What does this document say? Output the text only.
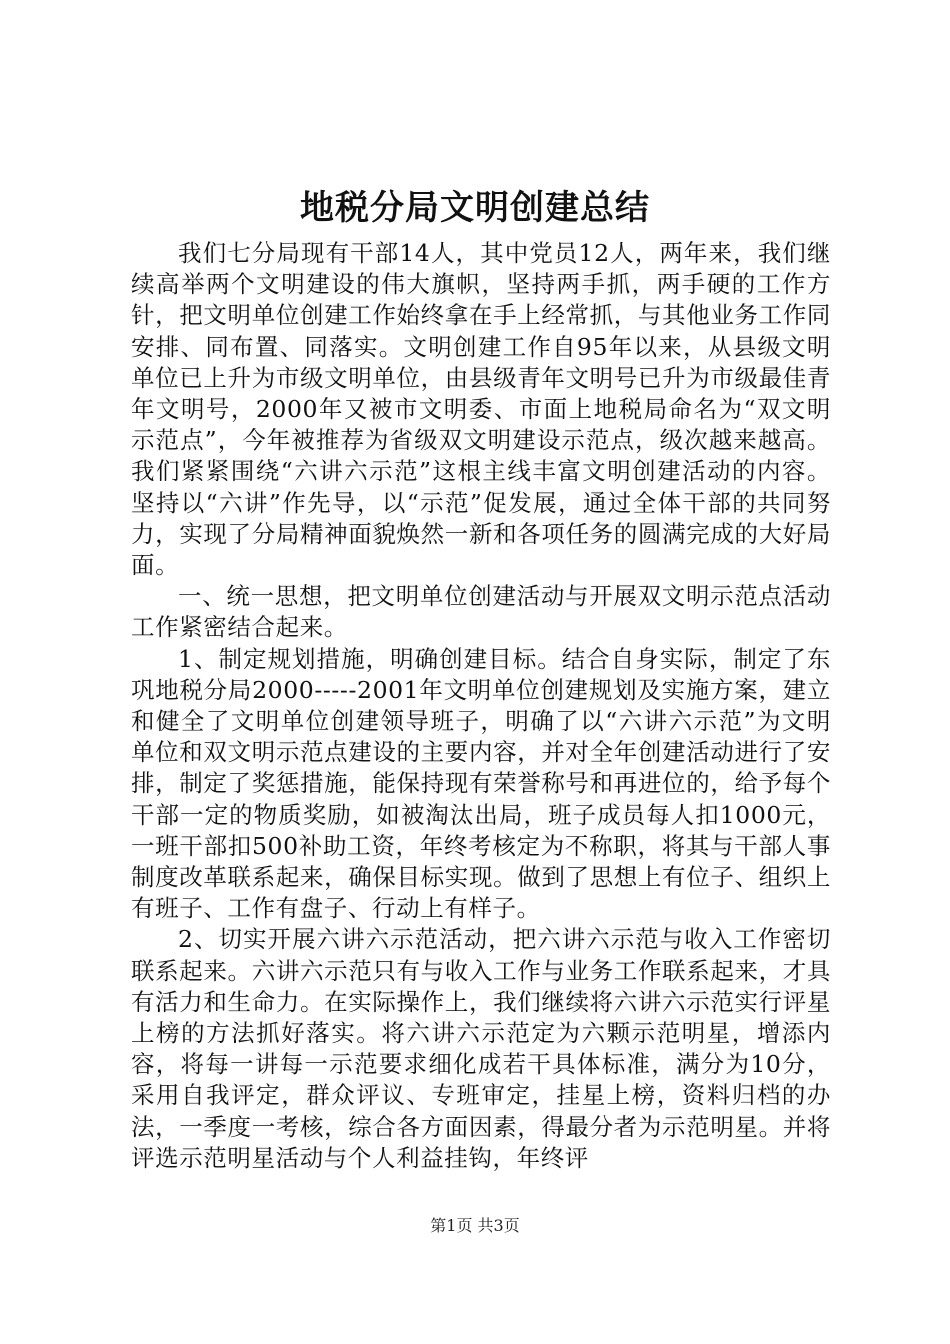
地税分局文明创建总结

我们七分局现有干部14人，其中党员12人，两年来，我们继续高举两个文明建设的伟大旗帜，坚持两手抓，两手硬的工作方针，把文明单位创建工作始终拿在手上经常抓，与其他业务工作同安排、同布置、同落实。文明创建工作自95年以来，从县级文明单位已上升为市级文明单位，由县级青年文明号已升为市级最佳青年文明号，2000年又被市文明委、市面上地税局命名为“双文明示范点”，今年被推荐为省级双文明建设示范点，级次越来越高。我们紧紧围绕“六讲六示范”这根主线丰富文明创建活动的内容。坚持以“六讲”作先导，以“示范”促发展，通过全体干部的共同努力，实现了分局精神面貌焕然一新和各项任务的圆满完成的大好局面。

一、统一思想，把文明单位创建活动与开展双文明示范点活动工作紧密结合起来。

1、制定规划措施，明确创建目标。结合自身实际，制定了东巩地税分局2000-----2001年文明单位创建规划及实施方案，建立和健全了文明单位创建领导班子，明确了以“六讲六示范”为文明单位和双文明示范点建设的主要内容，并对全年创建活动进行了安排，制定了奖惩措施，能保持现有荣誉称号和再进位的，给予每个干部一定的物质奖励，如被淘汰出局，班子成员每人扣1000元，一班干部扣500补助工资，年终考核定为不称职，将其与干部人事制度改革联系起来，确保目标实现。做到了思想上有位子、组织上有班子、工作有盘子、行动上有样子。

2、切实开展六讲六示范活动，把六讲六示范与收入工作密切联系起来。六讲六示范只有与收入工作与业务工作联系起来，才具有活力和生命力。在实际操作上，我们继续将六讲六示范实行评星上榜的方法抓好落实。将六讲六示范定为六颗示范明星，增添内容，将每一讲每一示范要求细化成若干具体标准，满分为10分，采用自我评定，群众评议、专班审定，挂星上榜，资料归档的办法，一季度一考核，综合各方面因素，得最分者为示范明星。并将评选示范明星活动与个人利益挂钩，年终评

第1页 共3页
